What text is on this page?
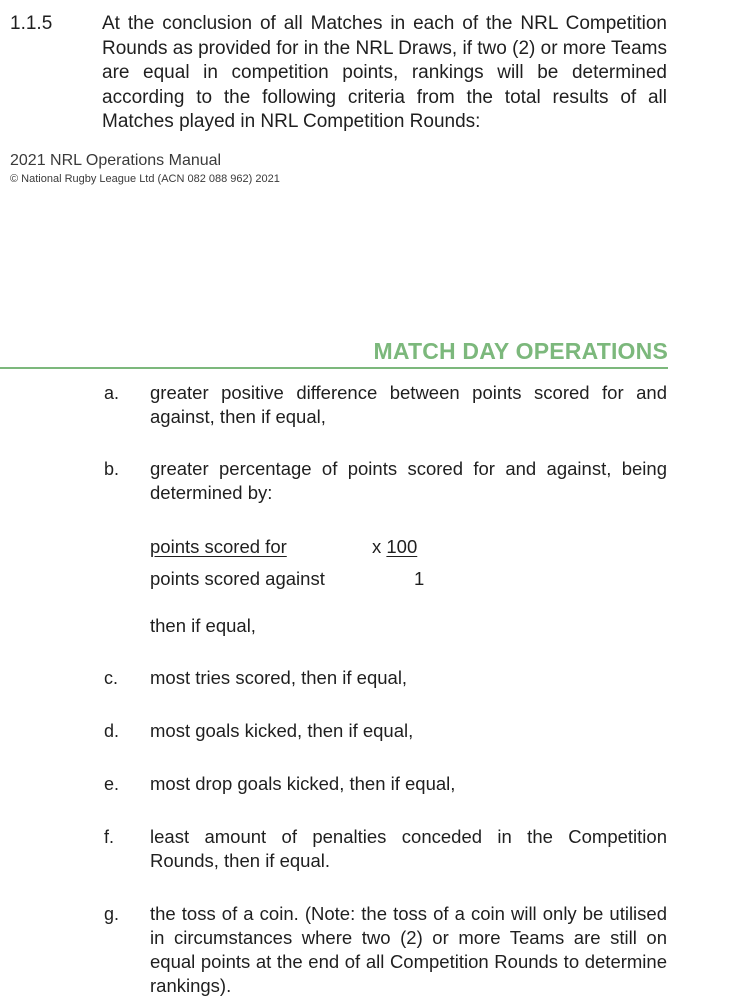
1.1.5	At the conclusion of all Matches in each of the NRL Competition Rounds as provided for in the NRL Draws, if two (2) or more Teams are equal in competition points, rankings will be determined according to the following criteria from the total results of all Matches played in NRL Competition Rounds:
2021 NRL Operations Manual
© National Rugby League Ltd (ACN 082 088 962) 2021
MATCH DAY OPERATIONS
a. greater positive difference between points scored for and against, then if equal,
b. greater percentage of points scored for and against, being determined by:
points scored for	x 100
points scored against	1
then if equal,
c. most tries scored, then if equal,
d. most goals kicked, then if equal,
e. most drop goals kicked, then if equal,
f. least amount of penalties conceded in the Competition Rounds, then if equal.
g. the toss of a coin. (Note: the toss of a coin will only be utilised in circumstances where two (2) or more Teams are still on equal points at the end of all Competition Rounds to determine rankings).
